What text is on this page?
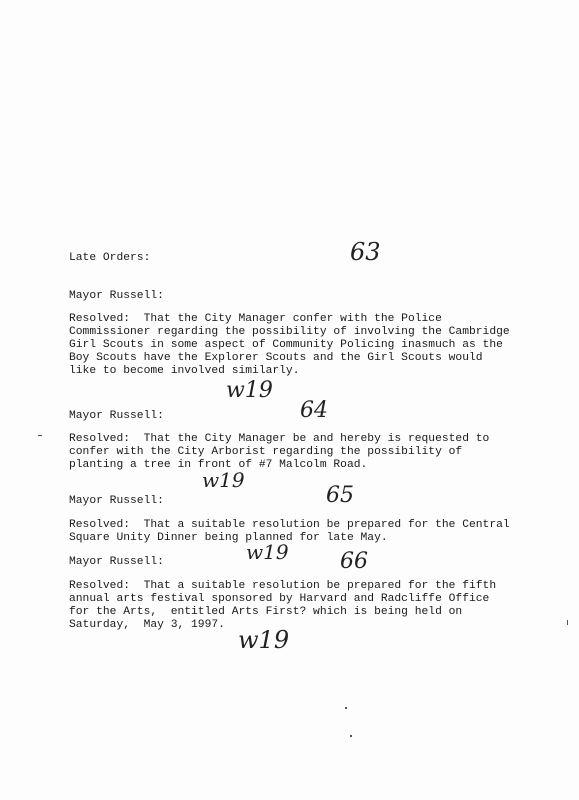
Late Orders:	63
Mayor Russell:
Resolved:  That the City Manager confer with the Police
Commissioner regarding the possibility of involving the Cambridge
Girl Scouts in some aspect of Community Policing inasmuch as the
Boy Scouts have the Explorer Scouts and the Girl Scouts would
like to become involved similarly.
w19
Mayor Russell:	64
Resolved:  That the City Manager be and hereby is requested to
confer with the City Arborist regarding the possibility of
planting a tree in front of #7 Malcolm Road.
w19
Mayor Russell:	65
Resolved:  That a suitable resolution be prepared for the Central
Square Unity Dinner being planned for late May.
w19
Mayor Russell:	66
Resolved:  That a suitable resolution be prepared for the fifth
annual arts festival sponsored by Harvard and Radcliffe Office
for the Arts,  entitled Arts First? which is being held on
Saturday,  May 3, 1997.
w19
